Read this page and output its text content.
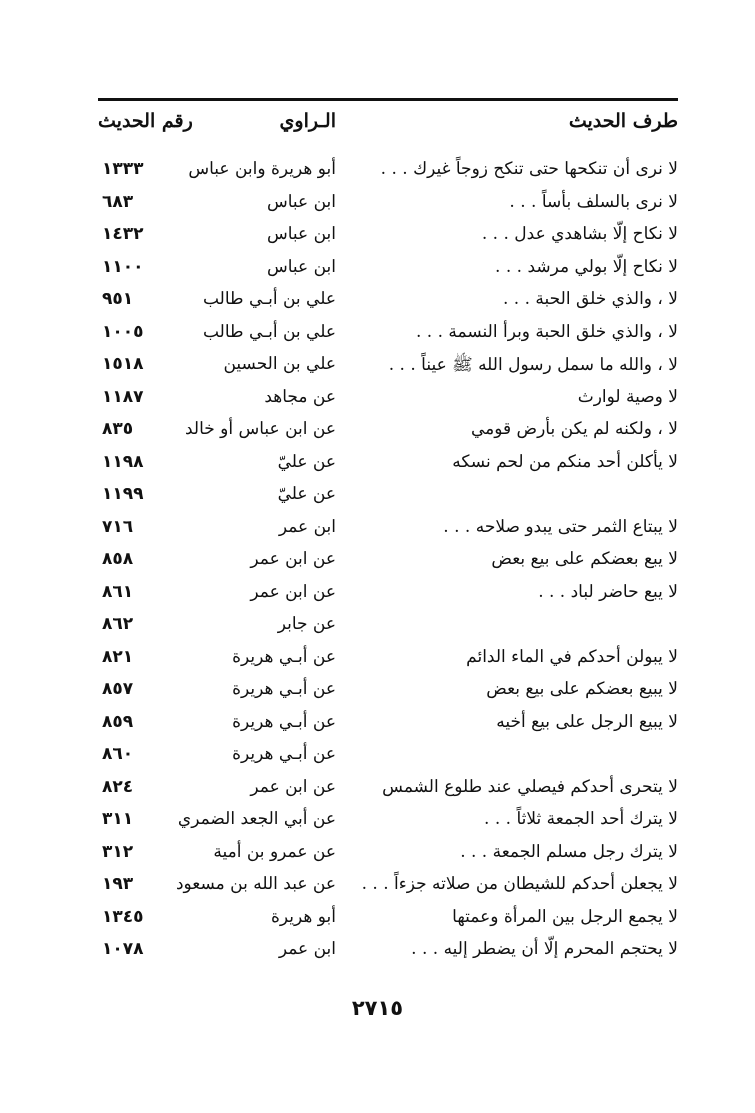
طرف الحديث
الـراوي
رقم الحديث
لا نرى أن تنكحها حتى تنكح زوجاً غيرك . . .
أبو هريرة وابن عباس
١٣٣٣
لا نرى بالسلف بأساً . . .
ابن عباس
٦٨٣
لا نكاح إلّا بشاهدي عدل . . .
ابن عباس
١٤٣٢
لا نكاح إلّا بولي مرشد . . .
ابن عباس
١١٠٠
لا ، والذي خلق الحبة . . .
علي بن أبـي طالب
٩٥١
لا ، والذي خلق الحبة وبرأ النسمة . . .
علي بن أبـي طالب
١٠٠٥
لا ، والله ما سمل رسول الله ﷺ عيناً . . .
علي بن الحسين
١٥١٨
لا وصية لوارث
عن مجاهد
١١٨٧
لا ، ولكنه لم يكن بأرض قومي
عن ابن عباس أو خالد
٨٣٥
لا يأكلن أحد منكم من لحم نسكه
عن عليّ
١١٩٨
عن عليّ
١١٩٩
لا يبتاع الثمر حتى يبدو صلاحه . . .
ابن عمر
٧١٦
لا يبع بعضكم على بيع بعض
عن ابن عمر
٨٥٨
لا يبع حاضر لباد . . .
عن ابن عمر
٨٦١
عن جابر
٨٦٢
لا يبولن أحدكم في الماء الدائم
عن أبـي هريرة
٨٢١
لا يبيع بعضكم على بيع بعض
عن أبـي هريرة
٨٥٧
لا يبيع الرجل على بيع أخيه
عن أبـي هريرة
٨٥٩
عن أبـي هريرة
٨٦٠
لا يتحرى أحدكم فيصلي عند طلوع الشمس
عن ابن عمر
٨٢٤
لا يترك أحد الجمعة ثلاثاً . . .
عن أبي الجعد الضمري
٣١١
لا يترك رجل مسلم الجمعة . . .
عن عمرو بن أمية
٣١٢
لا يجعلن أحدكم للشيطان من صلاته جزءاً . . .
عن عبد الله بن مسعود
١٩٣
لا يجمع الرجل بين المرأة وعمتها
أبو هريرة
١٣٤٥
لا يحتجم المحرم إلّا أن يضطر إليه . . .
ابن عمر
١٠٧٨
٢٧١٥
